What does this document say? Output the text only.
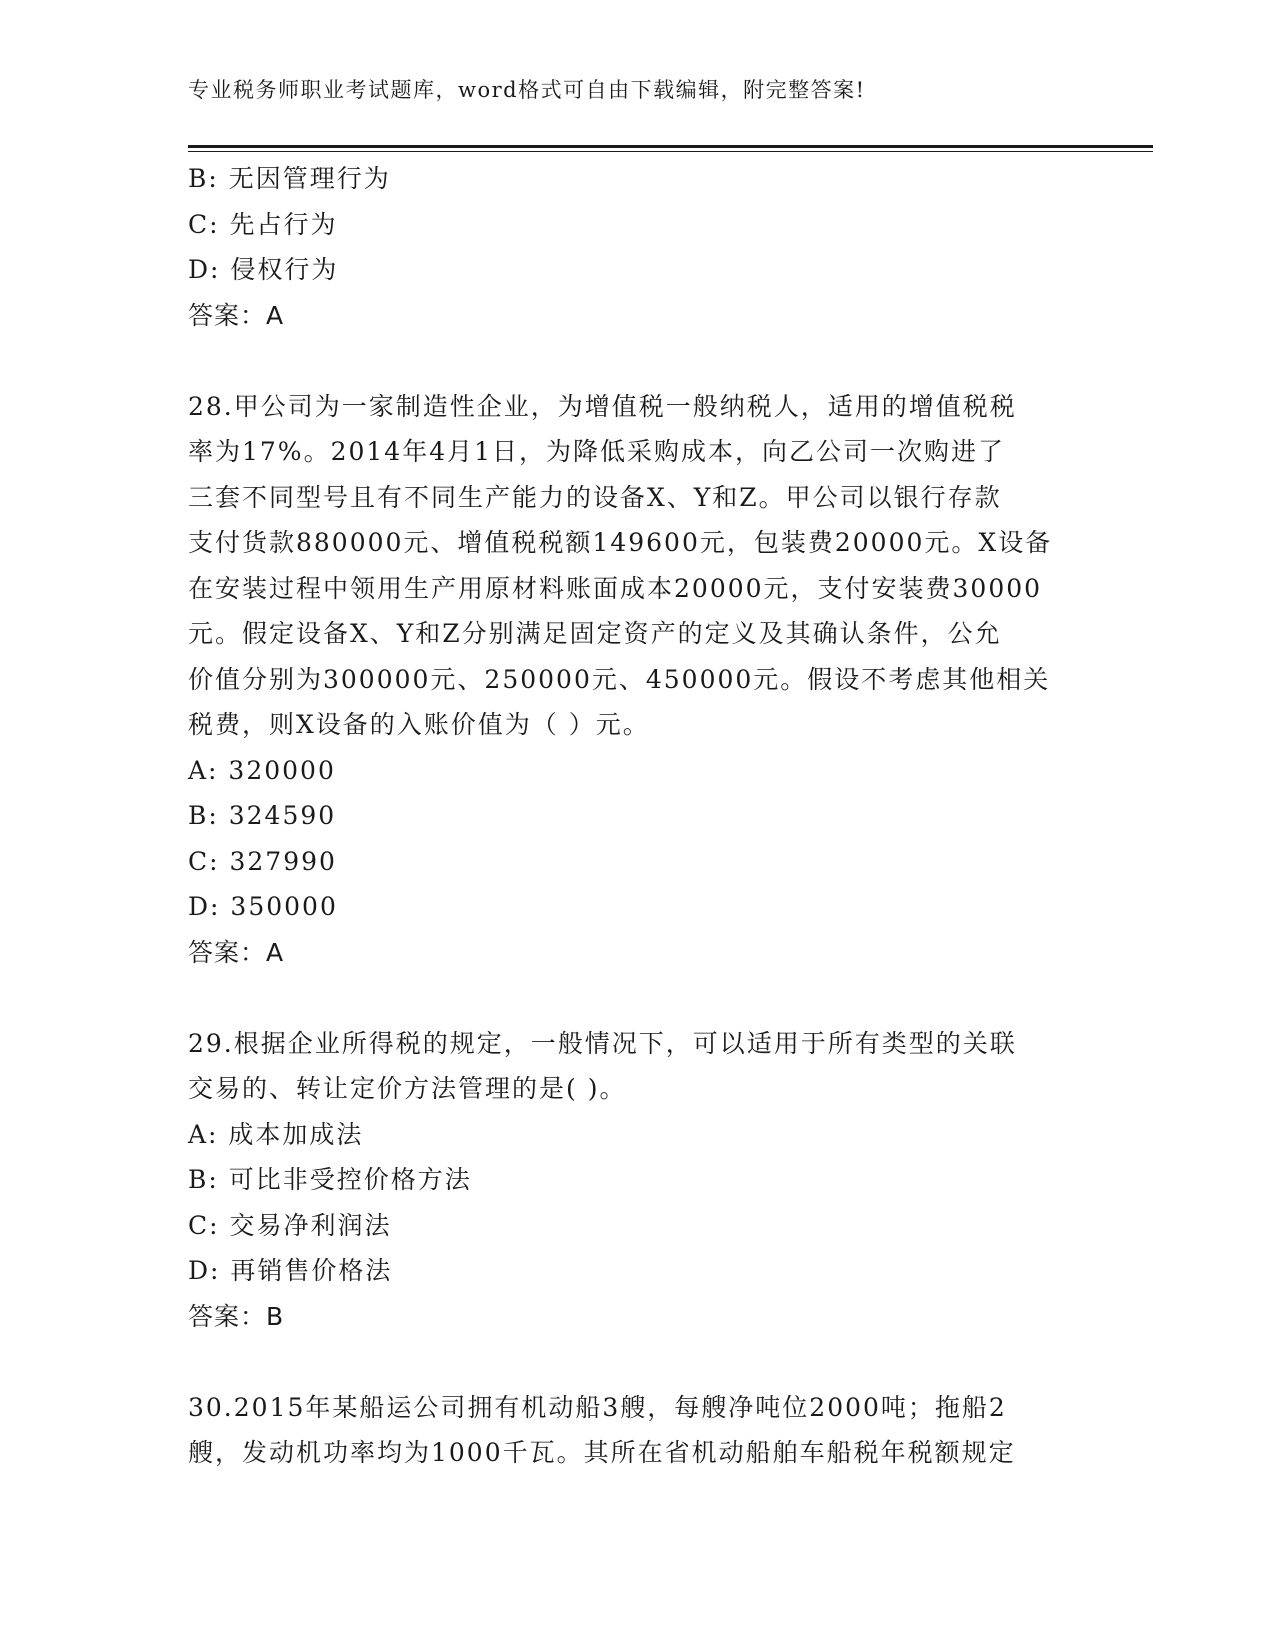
专业税务师职业考试题库，word格式可自由下载编辑，附完整答案!
B: 无因管理行为
C: 先占行为
D: 侵权行为
答案：A
28.甲公司为一家制造性企业，为增值税一般纳税人，适用的增值税税
率为17%。2014年4月1日，为降低采购成本，向乙公司一次购进了
三套不同型号且有不同生产能力的设备X、Y和Z。甲公司以银行存款
支付货款880000元、增值税税额149600元，包装费20000元。X设备
在安装过程中领用生产用原材料账面成本20000元，支付安装费30000
元。假定设备X、Y和Z分别满足固定资产的定义及其确认条件，公允
价值分别为300000元、250000元、450000元。假设不考虑其他相关
税费，则X设备的入账价值为（ ）元。
A: 320000
B: 324590
C: 327990
D: 350000
答案：A
29.根据企业所得税的规定，一般情况下，可以适用于所有类型的关联
交易的、转让定价方法管理的是( )。
A: 成本加成法
B: 可比非受控价格方法
C: 交易净利润法
D: 再销售价格法
答案：B
30.2015年某船运公司拥有机动船3艘，每艘净吨位2000吨；拖船2
艘，发动机功率均为1000千瓦。其所在省机动船舶车船税年税额规定
